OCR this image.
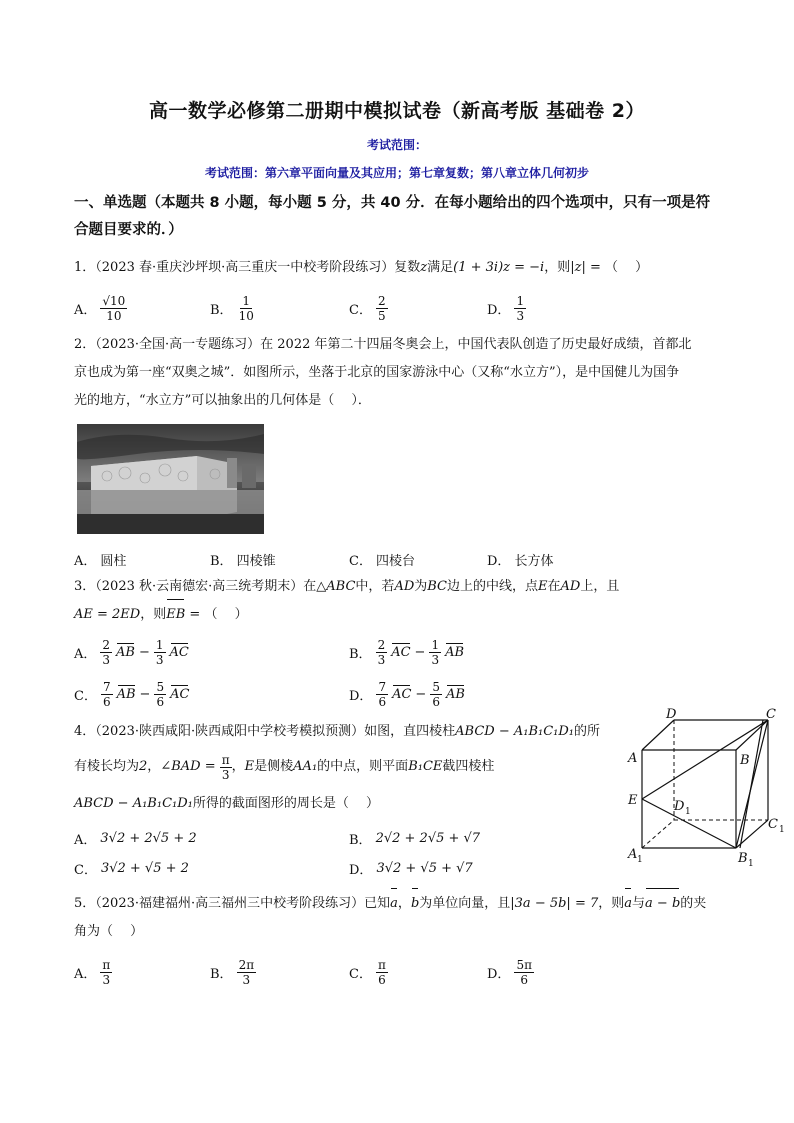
高一数学必修第二册期中模拟试卷（新高考版 基础卷 2）
考试范围：
考试范围：第六章平面向量及其应用；第七章复数；第八章立体几何初步
一、单选题（本题共 8 小题，每小题 5 分，共 40 分．在每小题给出的四个选项中，只有一项是符合题目要求的．）
1．（2023 春·重庆沙坪坝·高三重庆一中校考阶段练习）复数z满足(1 + 3i)z = −i，则|z| = （　 ）
A． $\frac{√10}{10}$	B． $\frac{1}{10}$	C． $\frac{2}{5}$	D． $\frac{1}{3}$
2．（2023·全国·高一专题练习）在 2022 年第二十四届冬奥会上，中国代表队创造了历史最好成绩，首都北
京也成为第一座“双奥之城”．如图所示，坐落于北京的国家游泳中心（又称“水立方”），是中国健儿为国争
光的地方，“水立方”可以抽象出的几何体是（　 ）．
A． 圆柱	B． 四棱锥	C． 四棱台	D． 长方体
3．（2023 秋·云南德宏·高三统考期末）在△ABC中，若AD为BC边上的中线，点E在AD上，且
AE = 2ED，则EB = （　 ）
A． $\frac{2}{3}$ AB − $\frac{1}{3}$ AC	B． $\frac{2}{3}$ AC − $\frac{1}{3}$ AB
C． $\frac{7}{6}$ AB − $\frac{5}{6}$ AC	D． $\frac{7}{6}$ AC − $\frac{5}{6}$ AB
4．（2023·陕西咸阳·陕西咸阳中学校考模拟预测）如图，直四棱柱ABCD − A₁B₁C₁D₁的所
有棱长均为 2 ， ∠BAD =
$\frac{\pi}{3}$ ， E 是侧棱 AA₁ 的中点，则平面 B₁CE 截四棱柱
ABCD − A₁B₁C₁D₁所得的截面图形的周长是（　 ）
A． 3√2 + 2√5 + 2	B． 2√2 + 2√5 + √7
C． 3√2 + √5 + 2	D． 3√2 + √5 + √7
D	C
A	B
E	D 1
C 1
A 1	B 1
5．（2023·福建福州·高三福州三中校考阶段练习）已知a，b为单位向量，且|3a − 5b| = 7，则a与a − b的夹
角为（　 ）
A． $\frac{\pi}{3}$	B． $\frac{2\pi}{3}$	C． $\frac{\pi}{6}$	D． $\frac{5\pi}{6}$
